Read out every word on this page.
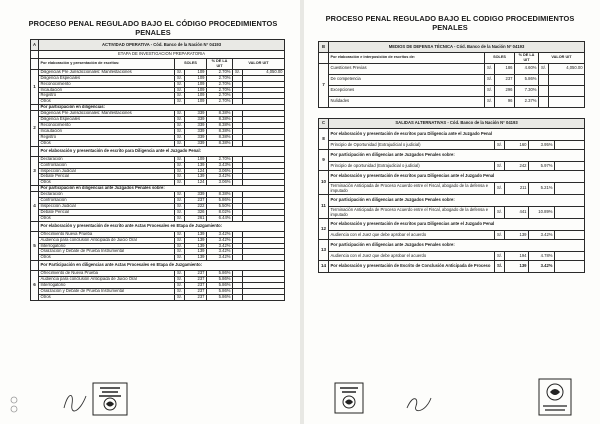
PROCESO PENAL REGULADO BAJO EL CÓDIGO PROCEDIMIENTOS PENALES
A	ACTIVIDAD OPERATIVA - Cód. Banco de la Nación N° 04193						
	ETAPA DE INVESTIGACION PREPARATORIA						
	Por elaboración y presentación de escritos:	SOLES		% DE LA UIT	VALOR UIT		
1	Diligencias Pre Jurisdiccionales: Manifestaciones	S/.	109	2.70%	S/.	4,050.00	
	Diligencia Especiales	S/.	109	2.70%			
	Reconocimiento	S/.	109	2.70%			
	Incautación	S/.	109	2.70%			
	Registro	S/.	109	2.70%			
	Otros	S/.	109	2.70%			
	Por participación en diligencias:						
2	Diligencias Pre Jurisdiccionales: Manifestaciones	S/.	339	8.38%			
	Diligencia Especiales	S/.	339	8.38%			
	Reconocimiento	S/.	339	8.38%			
	Incautación	S/.	339	8.38%			
	Registro	S/.	339	8.38%			
	Otros	S/.	339	8.38%			
	Por elaboración y presentación de escrito para Diligencia ante el Juzgado Penal:						
3	Declaración	S/.	109	2.70%			
	Confrontación	S/.	139	3.43%			
	Inspección Judicial	S/.	124	3.06%			
	Debate Pericial	S/.	139	3.42%			
	Otros	S/.	124	3.06%			
	Por participación en diligencias ante Juzgados Penales sobre:						
4	Declaración	S/.	339	8.38%			
	Confrontación	S/.	237	5.86%			
	Inspección Judicial	S/.	222	5.50%			
	Debate Pericial	S/.	326	8.02%			
	Otros	S/.	261	6.44%			
	Por elaboración y presentación de escrito ante Actas Procesales en Etapa de Juzgamiento:						
5	Ofrecimiento Nueva Prueba	S/.	139	3.42%			
	Audiencia para conclusión Anticipada de Juicio Oral	S/.	139	3.42%			
	Interrogatorio	S/.	139	3.42%			
	Oralización y Debate de Prueba Instrumental	S/.	139	3.42%			
	Otros	S/.	139	3.42%			
	Por Participación en diligencias ante Actas Procesales en Etapa de Juzgamiento:						
6	Ofrecimiento de Nueva Prueba	S/.	237	5.86%			
	Audiencia para conclusión Anticipada de Juicio Oral	S/.	237	5.86%			
	Interrogatorio	S/.	237	5.86%			
	Oralización y Debate de Prueba Instrumental	S/.	237	5.86%			
	Otros	S/.	237	5.86%			
PROCESO PENAL REGULADO BAJO EL CODIGO PROCEDIMIENTOS
PENALES
B	MEDIOS DE DEFENSA TÉCNICA - Cód. Banco de la Nación N° 04193					
	Por elaboración e interposición de escritos de:	SOLES		% DE LA UIT	VALOR UIT	
7	Cuestiones Previas	S/.	186	4.60%	S/.	4,050.00
	De competencia	S/.	237	5.86%		
	Excepciones	S/.	296	7.30%		
	Nulidades	S/.	96	2.37%		
C	SALIDAS ALTERNATIVAS - Cód. Banco de la Nación N° 04193				
8	Por elaboración y presentación de escritos para Diligencia ante el Juzgado Penal				
	Principio de Oportunidad (Extrajudicial o judicial)	S/.	160	3.95%	
9	Por participación en diligencias ante Juzgados Penales sobre:				
	Principio de oportunidad (Extrajudicial o judicial)	S/.	242	5.97%	
10	Por elaboración y presentación de escritos para Diligencias ante el Juzgado Penal				
	Terminación Anticipada de Proceso Acuerdo entre el Fiscal, abogado de la defensa e imputado	S/.	211	5.21%	
11	Por participación en diligencias ante Juzgados Penales sobre:				
	Terminación Anticipada de Proceso Acuerdo entre el Fiscal, abogado de la defensa e imputado	S/.	441	10.89%	
12	Por elaboración y presentación de escritos para Diligencias ante el Juzgado Penal				
	Audiencia con el Juez que debe aprobar el acuerdo	S/.	139	3.42%	
13	Por participación en diligencias ante Juzgados Penales sobre:				
	Audiencia con el Juez que debe aprobar el acuerdo	S/.	194	4.78%	
14	Por elaboración y presentación de Escrito de Conclusión Anticipada de Proceso	S/.	139	3.42%	
